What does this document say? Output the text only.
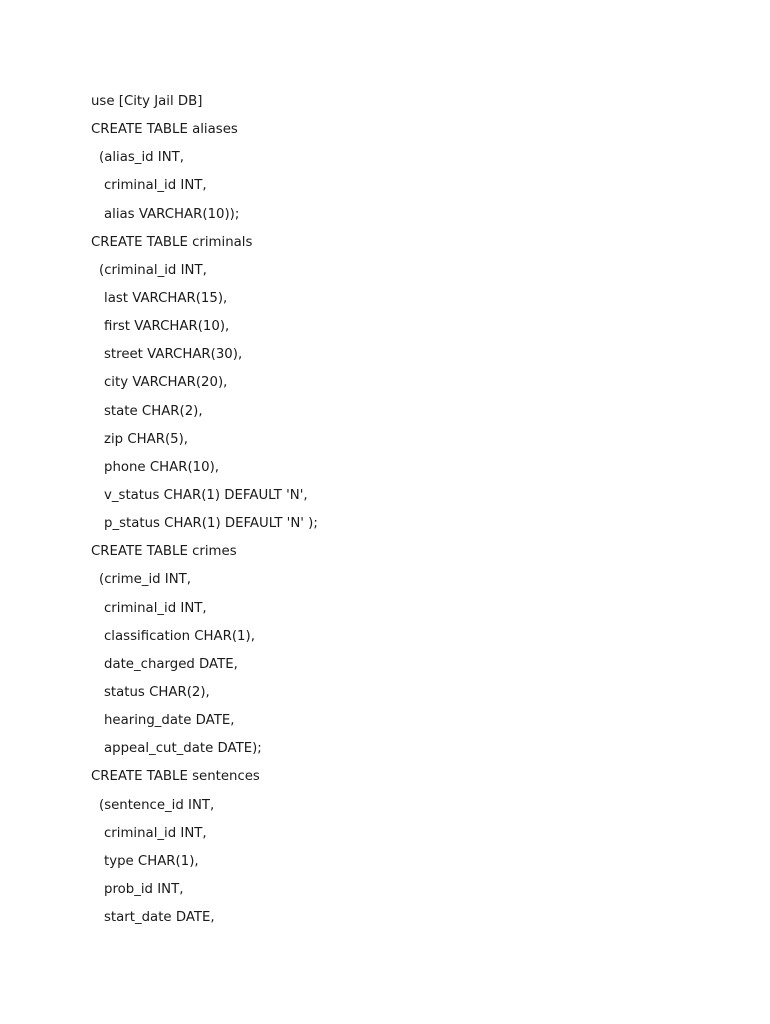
use [City Jail DB]
CREATE TABLE aliases
(alias_id INT,
criminal_id INT,
alias VARCHAR(10));
CREATE TABLE criminals
(criminal_id INT,
last VARCHAR(15),
first VARCHAR(10),
street VARCHAR(30),
city VARCHAR(20),
state CHAR(2),
zip CHAR(5),
phone CHAR(10),
v_status CHAR(1) DEFAULT 'N',
p_status CHAR(1) DEFAULT 'N' );
CREATE TABLE crimes
(crime_id INT,
criminal_id INT,
classification CHAR(1),
date_charged DATE,
status CHAR(2),
hearing_date DATE,
appeal_cut_date DATE);
CREATE TABLE sentences
(sentence_id INT,
criminal_id INT,
type CHAR(1),
prob_id INT,
start_date DATE,
